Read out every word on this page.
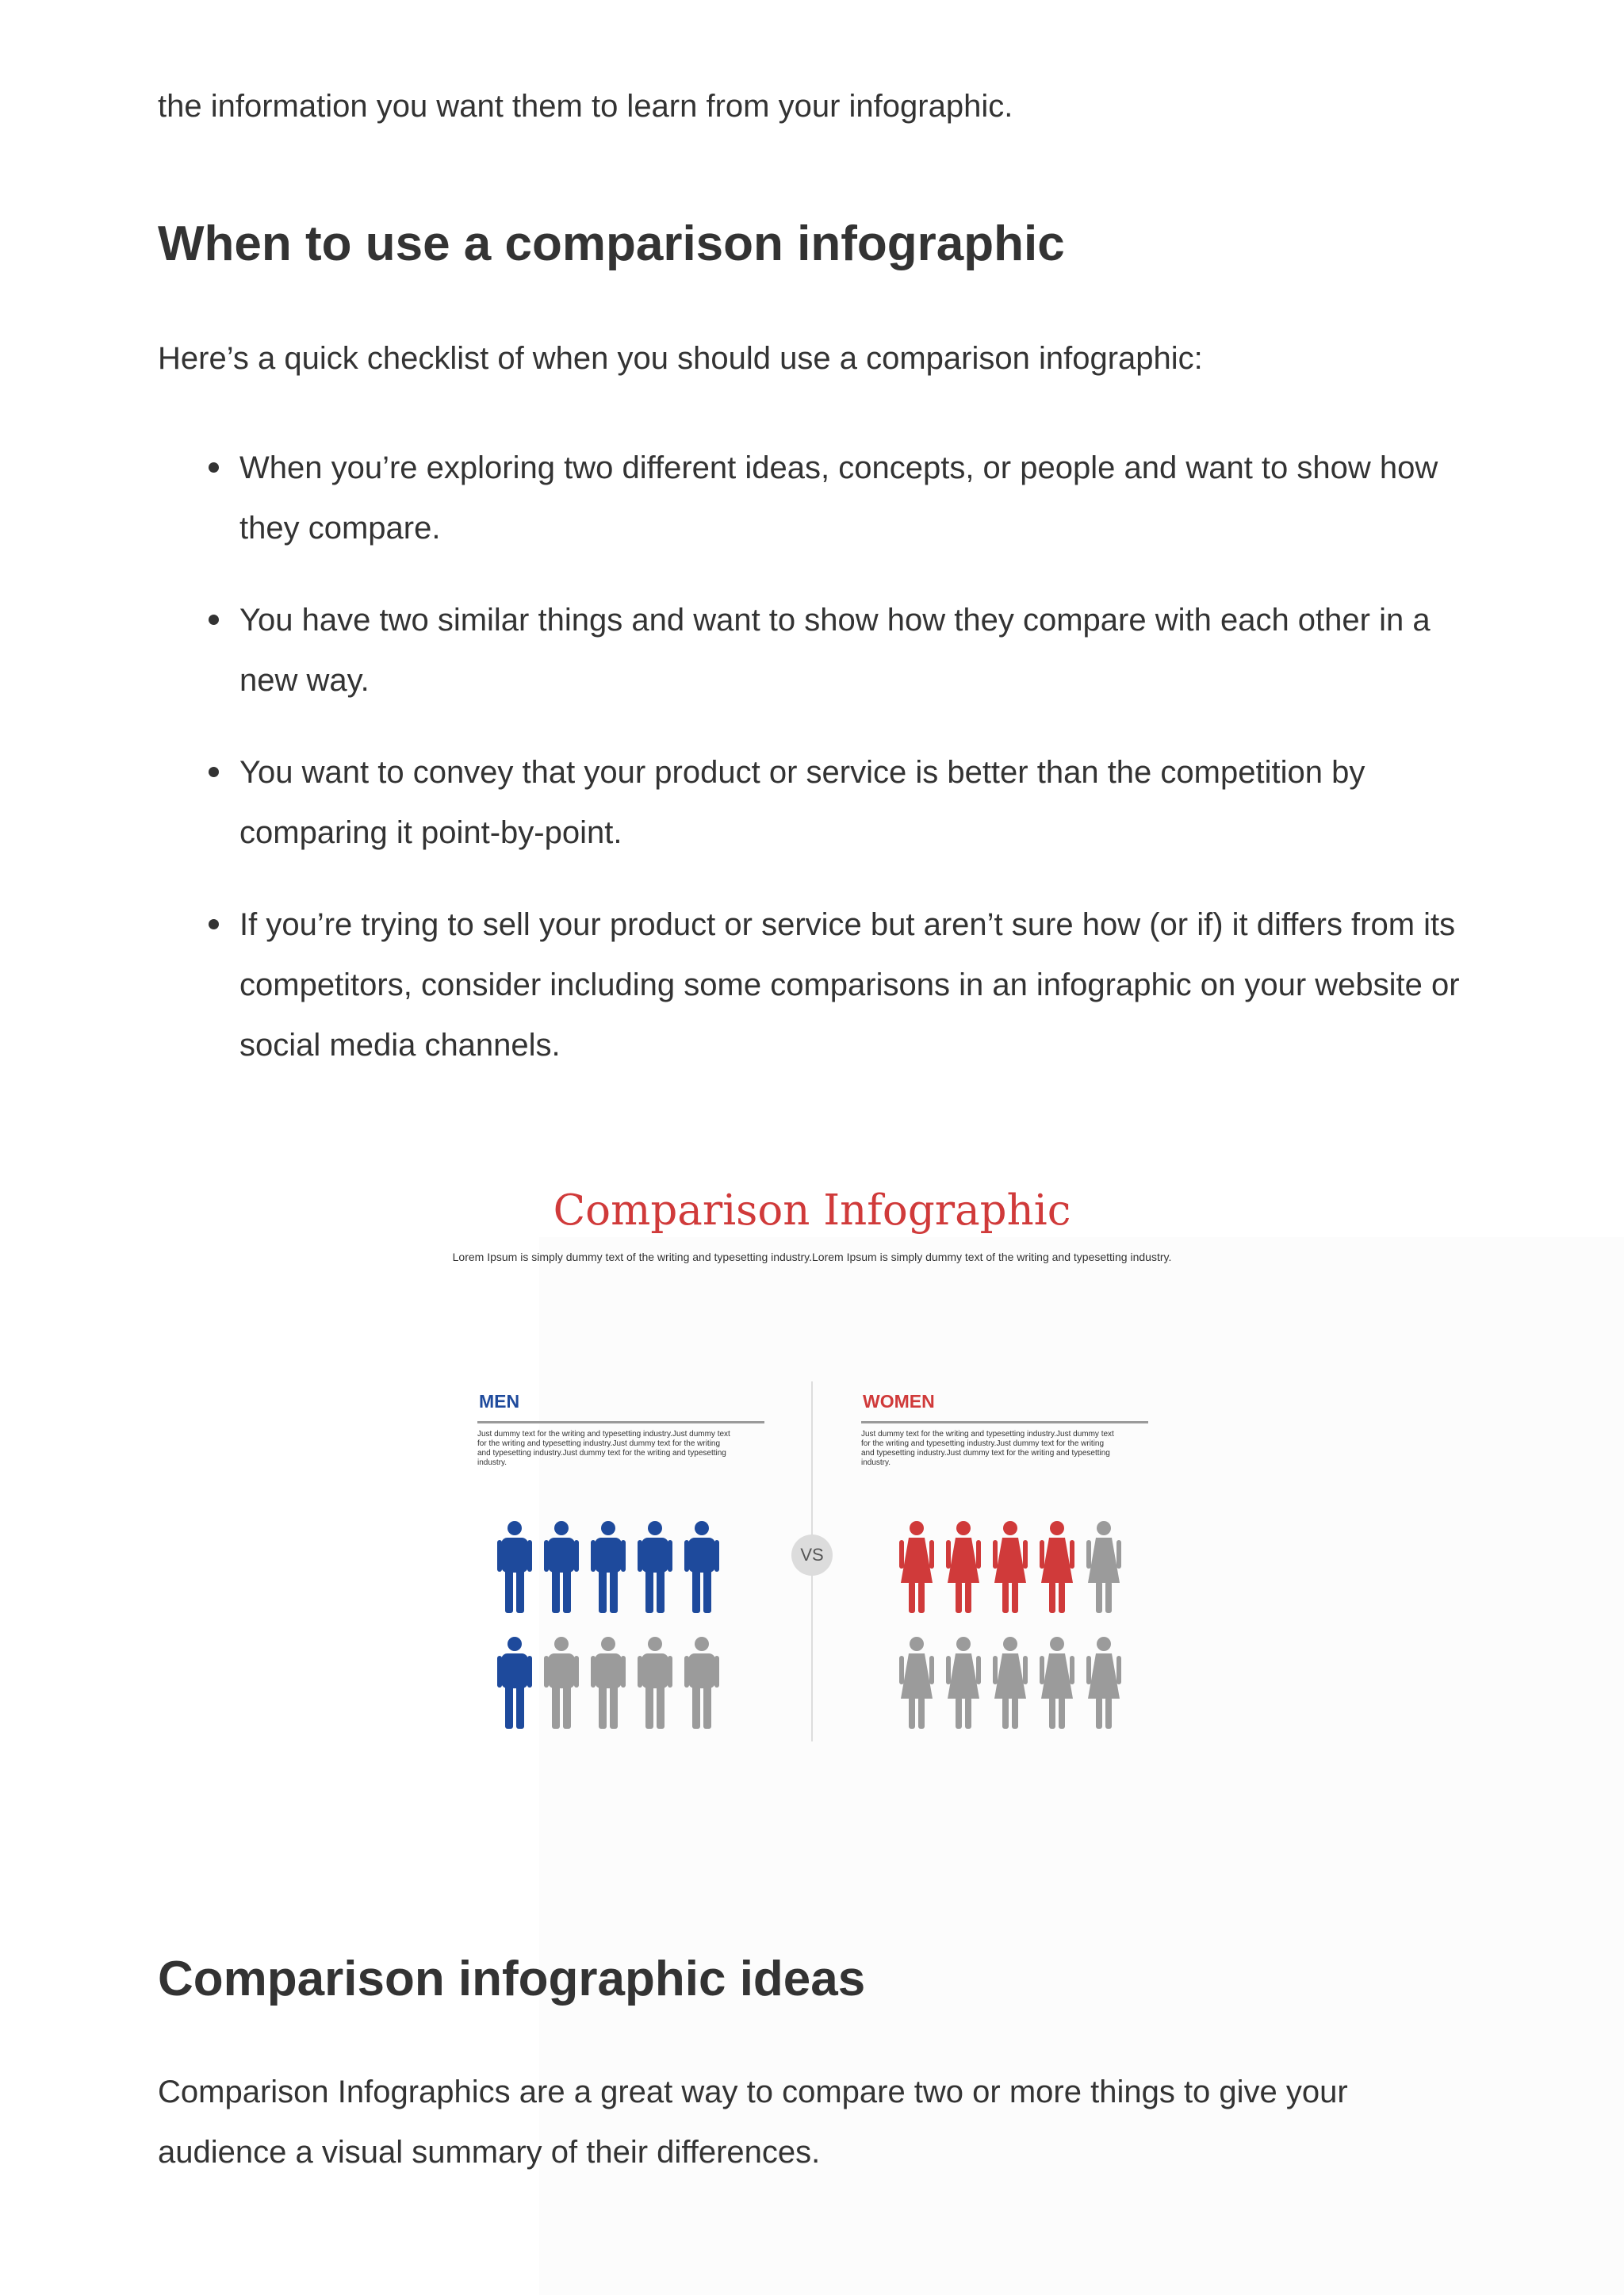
the information you want them to learn from your infographic.

When to use a comparison infographic

Here’s a quick checklist of when you should use a comparison infographic:

When you’re exploring two different ideas, concepts, or people and want to show how they compare.
You have two similar things and want to show how they compare with each other in a new way.
You want to convey that your product or service is better than the competition by comparing it point-by-point.
If you’re trying to sell your product or service but aren’t sure how (or if) it differs from its competitors, consider including some comparisons in an infographic on your website or social media channels.
Comparison infographic ideas

Comparison Infographics are a great way to compare two or more things to give your audience a visual summary of their differences.

Comparison Infographic

Lorem Ipsum is simply dummy text of the writing and typesetting industry.Lorem Ipsum is simply dummy text of the writing and typesetting industry.

MEN

Just dummy text for the writing and typesetting industry.Just dummy text for the writing and typesetting industry.Just dummy text for the writing and typesetting industry.Just dummy text for the writing and typesetting industry.

WOMEN

Just dummy text for the writing and typesetting industry.Just dummy text for the writing and typesetting industry.Just dummy text for the writing and typesetting industry.Just dummy text for the writing and typesetting industry.

VS
